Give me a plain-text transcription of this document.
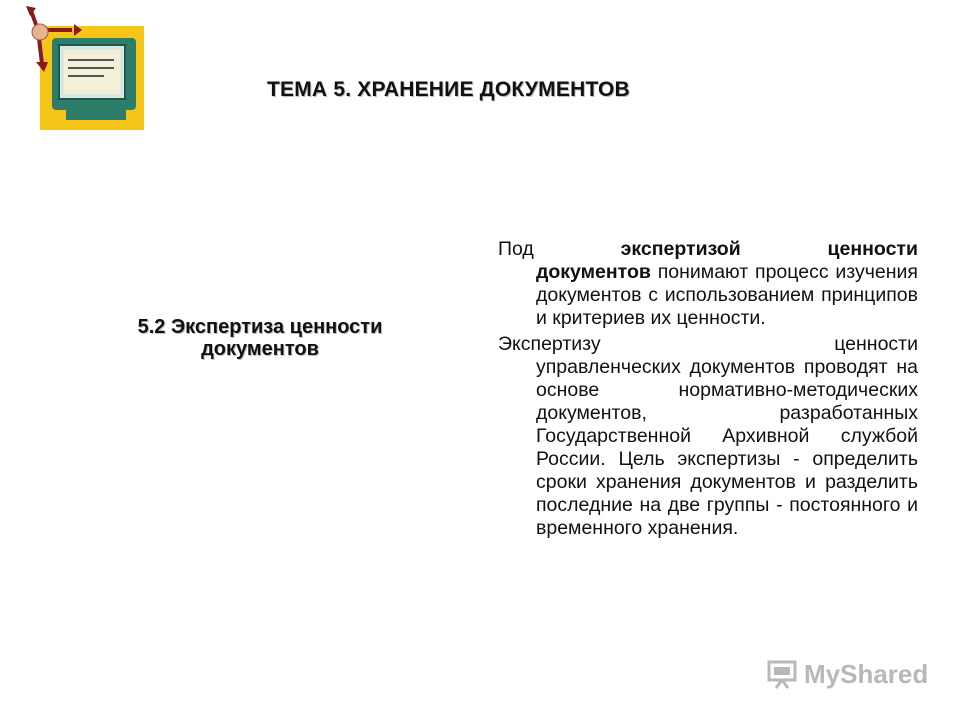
ТЕМА 5. ХРАНЕНИЕ ДОКУМЕНТОВ
5.2 Экспертиза ценности
документов
Под	экспертизой	ценности
документов понимают процесс изучения документов с использованием принципов и критериев их ценности.
Экспертизу	ценности
управленческих документов проводят на основе нормативно-методических документов, разработанных Государственной Архивной службой России. Цель экспертизы - определить сроки хранения документов и разделить последние на две группы - постоянного и временного хранения.
MyShared
